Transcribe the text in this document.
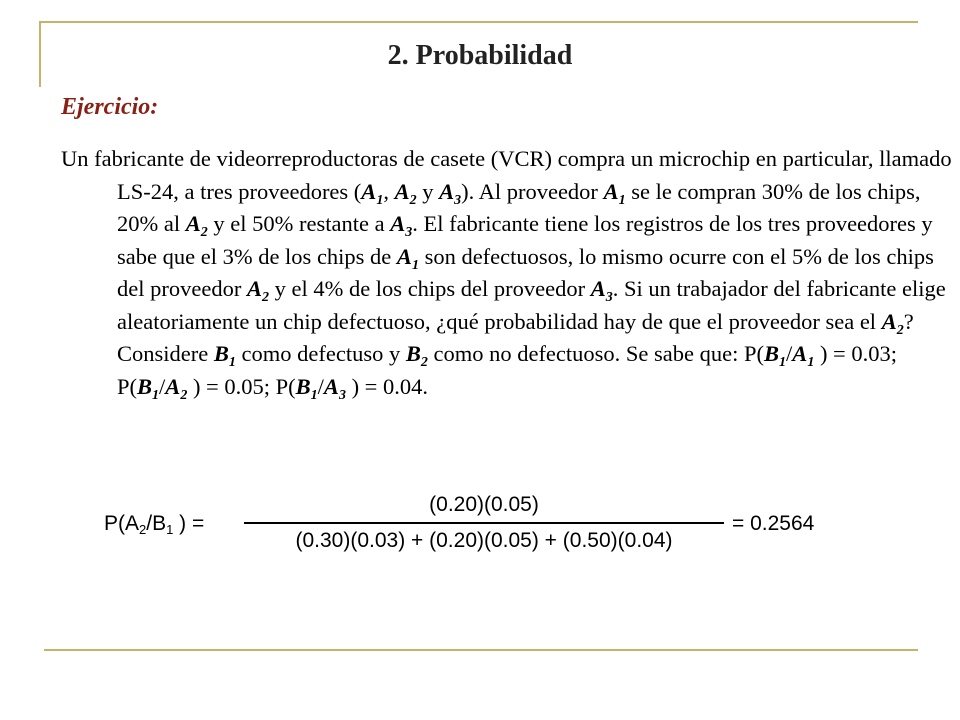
2. Probabilidad
Ejercicio:
Un fabricante de videorreproductoras de casete (VCR) compra un microchip en particular, llamado LS-24, a tres proveedores ($A_1$, $A_2$ y $A_3$). Al proveedor $A_1$ se le compran 30% de los chips, 20% al $A_2$ y el 50% restante a $A_3$. El fabricante tiene los registros de los tres proveedores y sabe que el 3% de los chips de $A_1$ son defectuosos, lo mismo ocurre con el 5% de los chips del proveedor $A_2$ y el 4% de los chips del proveedor $A_3$. Si un trabajador del fabricante elige aleatoriamente un chip defectuoso, ¿qué probabilidad hay de que el proveedor sea el $A_2$? Considere $B_1$ como defectuso y $B_2$ como no defectuoso. Se sabe que: $P(B_1/A_1$ ) = 0.03; $P(B_1/A_2$ ) = 0.05; $P(B_1/A_3$ ) = 0.04.
$P(A_2/B_1$ ) =
(0.20)(0.05)
(0.30)(0.03) + (0.20)(0.05) + (0.50)(0.04)
= 0.2564
